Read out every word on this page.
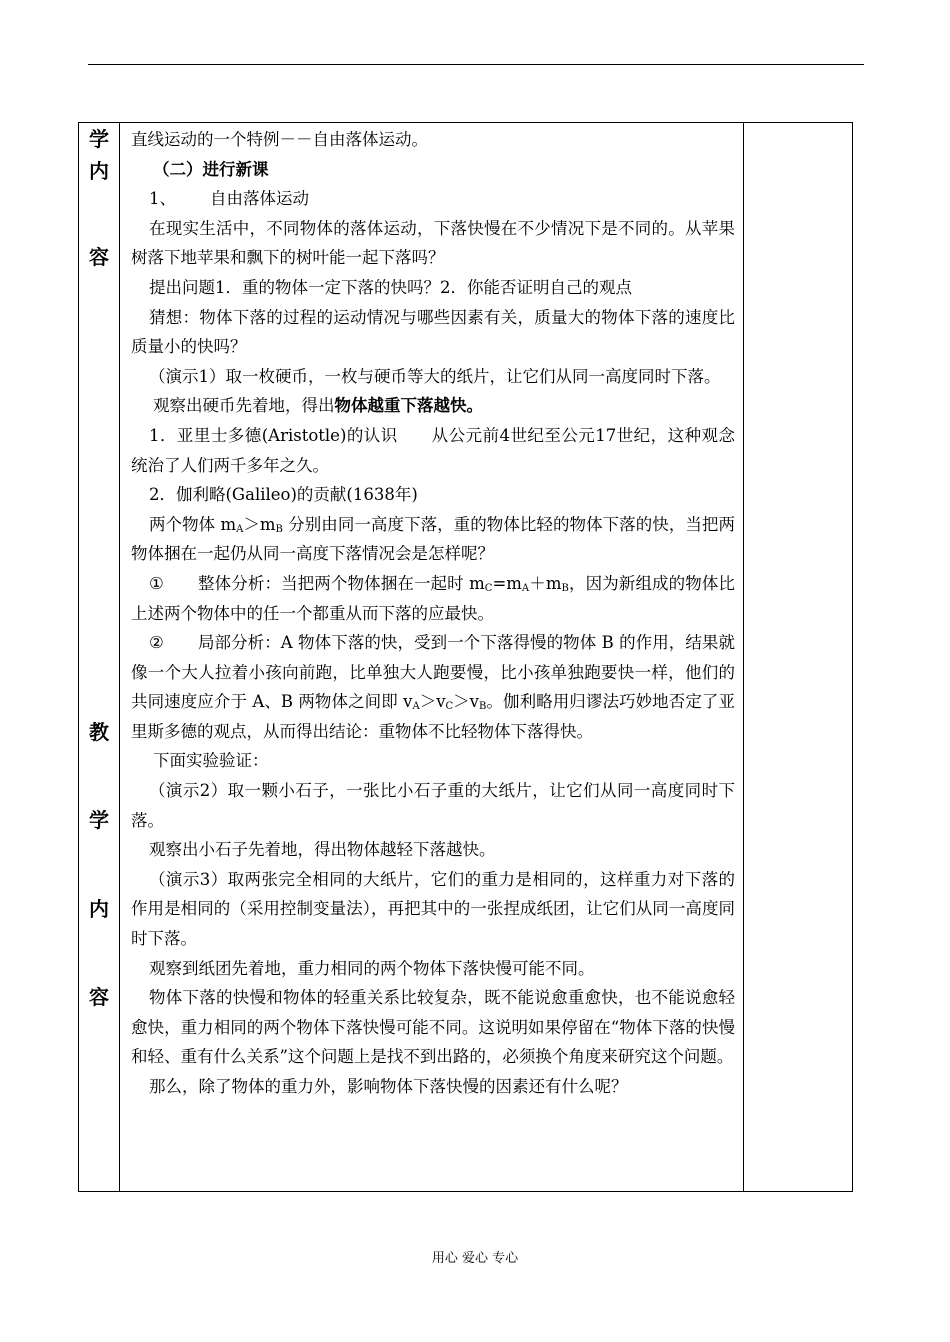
学
内
容
教
学
内
容

直线运动的一个特例－－自由落体运动。

（二）进行新课

1、 自由落体运动

在现实生活中，不同物体的落体运动，下落快慢在不少情况下是不同的。从苹果树落下地苹果和飘下的树叶能一起下落吗？

提出问题1．重的物体一定下落的快吗？2．你能否证明自己的观点

猜想：物体下落的过程的运动情况与哪些因素有关，质量大的物体下落的速度比质量小的快吗？

（演示1）取一枚硬币，一枚与硬币等大的纸片，让它们从同一高度同时下落。

观察出硬币先着地，得出物体越重下落越快。

1．亚里士多德(Aristotle)的认识　　从公元前4世纪至公元17世纪，这种观念统治了人们两千多年之久。

2．伽利略(Galileo)的贡献(1638年)

两个物体 $m_A>m_B$ 分别由同一高度下落，重的物体比轻的物体下落的快，当把两物体捆在一起仍从同一高度下落情况会是怎样呢？

① 整体分析：当把两个物体捆在一起时 $m_C=m_A+m_B$，因为新组成的物体比上述两个物体中的任一个都重从而下落的应最快。

② 局部分析：A 物体下落的快，受到一个下落得慢的物体 B 的作用，结果就像一个大人拉着小孩向前跑，比单独大人跑要慢，比小孩单独跑要快一样，他们的共同速度应介于 A、B 两物体之间即 $v_A>v_C>v_B$。伽利略用归谬法巧妙地否定了亚里斯多德的观点，从而得出结论：重物体不比轻物体下落得快。

下面实验验证：

（演示2）取一颗小石子，一张比小石子重的大纸片，让它们从同一高度同时下落。

观察出小石子先着地，得出物体越轻下落越快。

（演示3）取两张完全相同的大纸片，它们的重力是相同的，这样重力对下落的作用是相同的（采用控制变量法），再把其中的一张捏成纸团，让它们从同一高度同时下落。

观察到纸团先着地，重力相同的两个物体下落快慢可能不同。

物体下落的快慢和物体的轻重关系比较复杂，既不能说愈重愈快，也不能说愈轻愈快，重力相同的两个物体下落快慢可能不同。这说明如果停留在“物体下落的快慢和轻、重有什么关系”这个问题上是找不到出路的，必须换个角度来研究这个问题。

那么，除了物体的重力外，影响物体下落快慢的因素还有什么呢？

用心 爱心 专心
